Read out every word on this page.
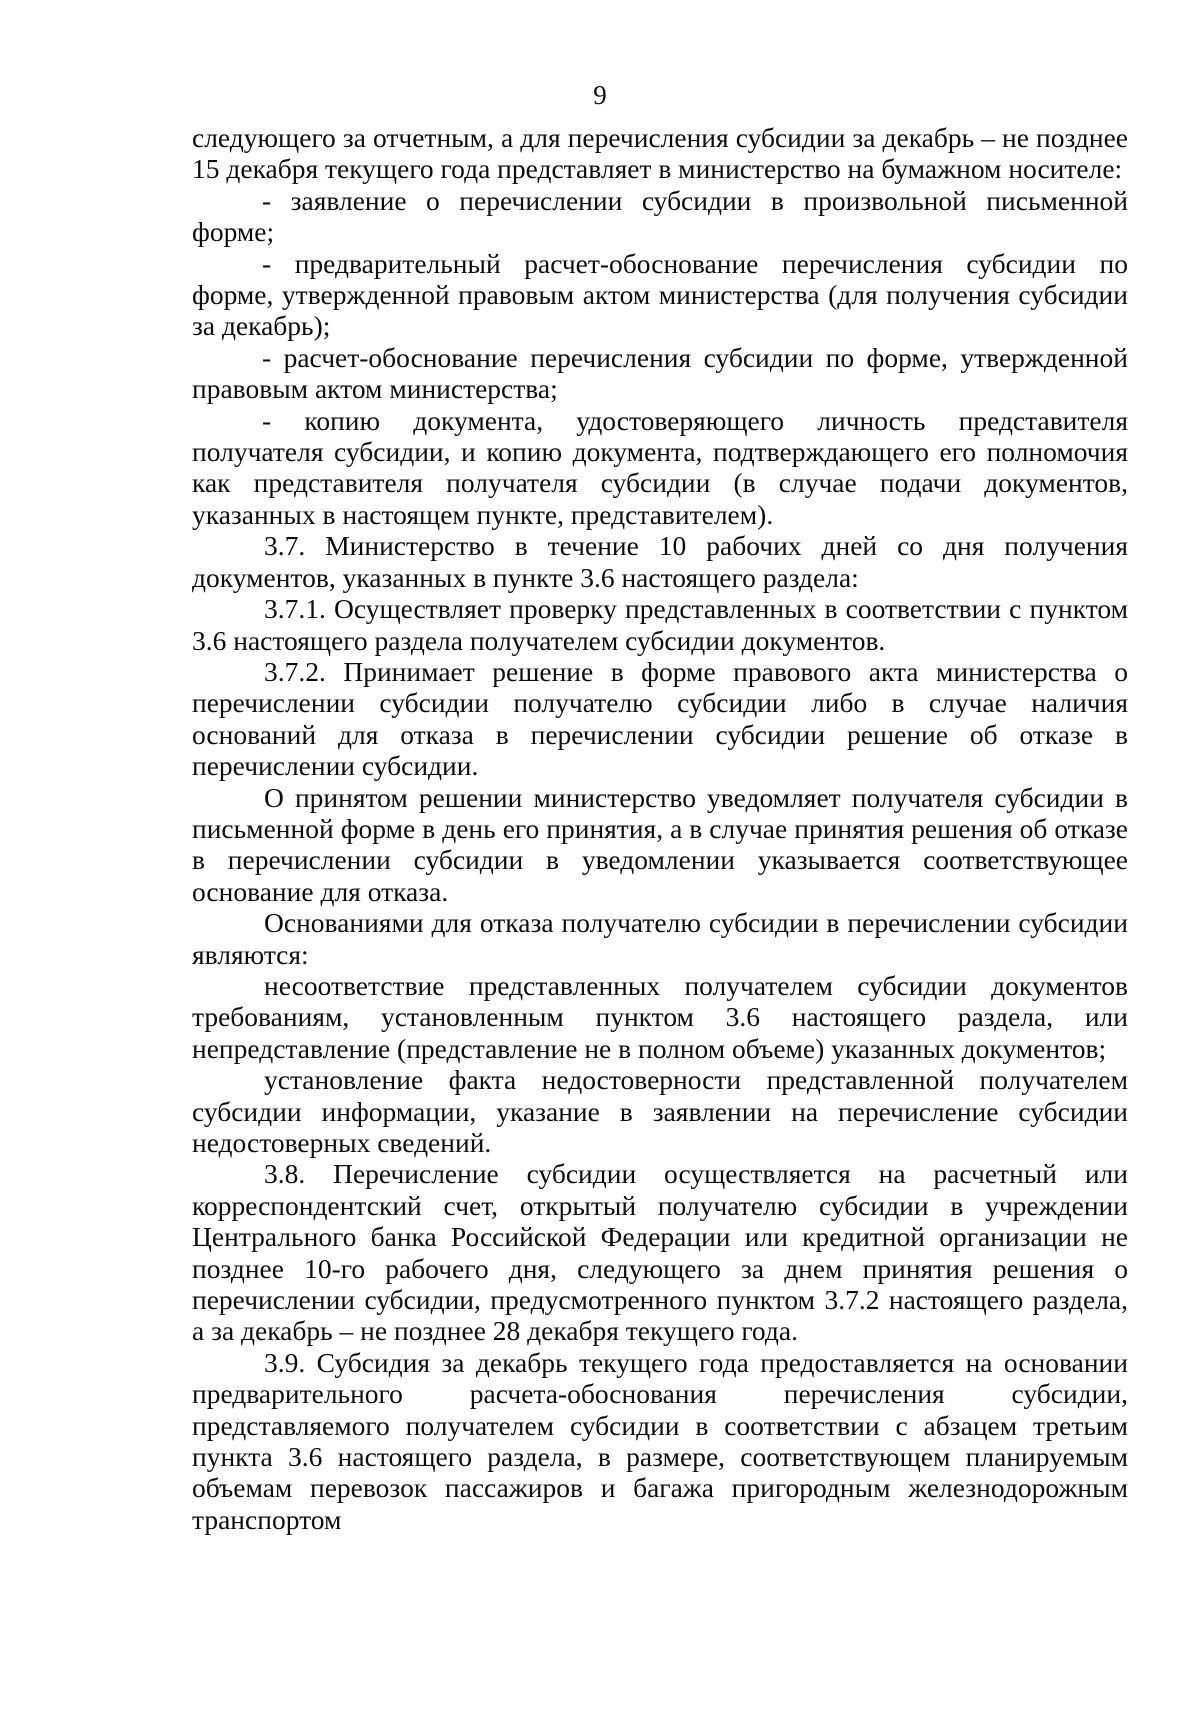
9

следующего за отчетным, а для перечисления субсидии за декабрь – не позднее 15 декабря текущего года представляет в министерство на бумажном носителе:

- заявление о перечислении субсидии в произвольной письменной форме;

- предварительный расчет-обоснование перечисления субсидии по форме, утвержденной правовым актом министерства (для получения субсидии за декабрь);

- расчет-обоснование перечисления субсидии по форме, утвержденной правовым актом министерства;

- копию документа, удостоверяющего личность представителя получателя субсидии, и копию документа, подтверждающего его полномочия как представителя получателя субсидии (в случае подачи документов, указанных в настоящем пункте, представителем).

3.7. Министерство в течение 10 рабочих дней со дня получения документов, указанных в пункте 3.6 настоящего раздела:

3.7.1. Осуществляет проверку представленных в соответствии с пунктом 3.6 настоящего раздела получателем субсидии документов.

3.7.2. Принимает решение в форме правового акта министерства о перечислении субсидии получателю субсидии либо в случае наличия оснований для отказа в перечислении субсидии решение об отказе в перечислении субсидии.

О принятом решении министерство уведомляет получателя субсидии в письменной форме в день его принятия, а в случае принятия решения об отказе в перечислении субсидии в уведомлении указывается соответствующее основание для отказа.

Основаниями для отказа получателю субсидии в перечислении субсидии являются:

несоответствие представленных получателем субсидии документов требованиям, установленным пунктом 3.6 настоящего раздела, или непредставление (представление не в полном объеме) указанных документов;

установление факта недостоверности представленной получателем субсидии информации, указание в заявлении на перечисление субсидии недостоверных сведений.

3.8. Перечисление субсидии осуществляется на расчетный или корреспондентский счет, открытый получателю субсидии в учреждении Центрального банка Российской Федерации или кредитной организации не позднее 10-го рабочего дня, следующего за днем принятия решения о перечислении субсидии, предусмотренного пунктом 3.7.2 настоящего раздела, а за декабрь – не позднее 28 декабря текущего года.

3.9. Субсидия за декабрь текущего года предоставляется на основании предварительного расчета-обоснования перечисления субсидии, представляемого получателем субсидии в соответствии с абзацем третьим пункта 3.6 настоящего раздела, в размере, соответствующем планируемым объемам перевозок пассажиров и багажа пригородным железнодорожным транспортом
